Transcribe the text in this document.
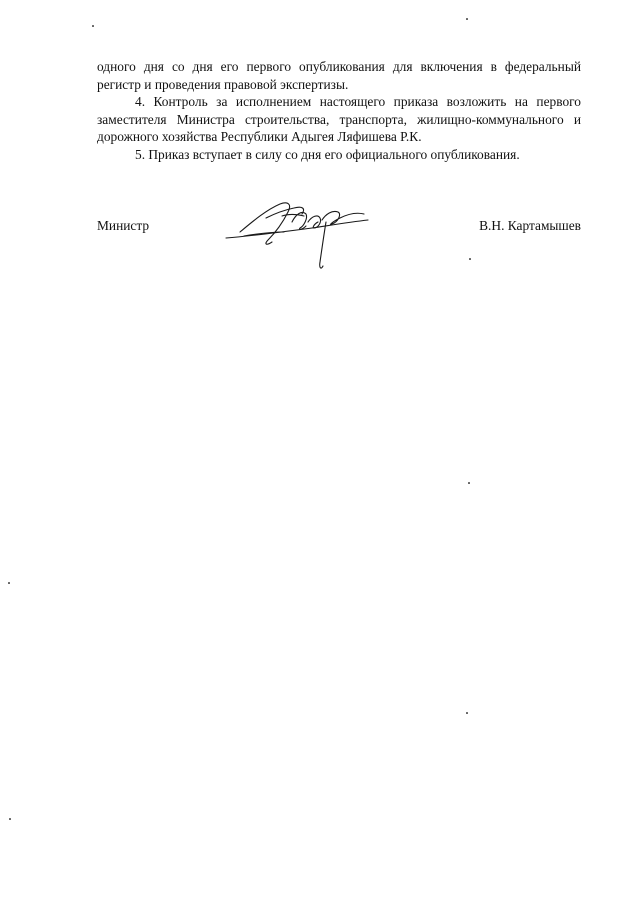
одного дня со дня его первого опубликования для включения в федеральный регистр и проведения правовой экспертизы.

4. Контроль за исполнением настоящего приказа возложить на первого заместителя Министра строительства, транспорта, жилищно-коммунального и дорожного хозяйства Республики Адыгея Ляфишева Р.К.

5. Приказ вступает в силу со дня его официального опубликования.

Министр	В.Н. Картамышев
